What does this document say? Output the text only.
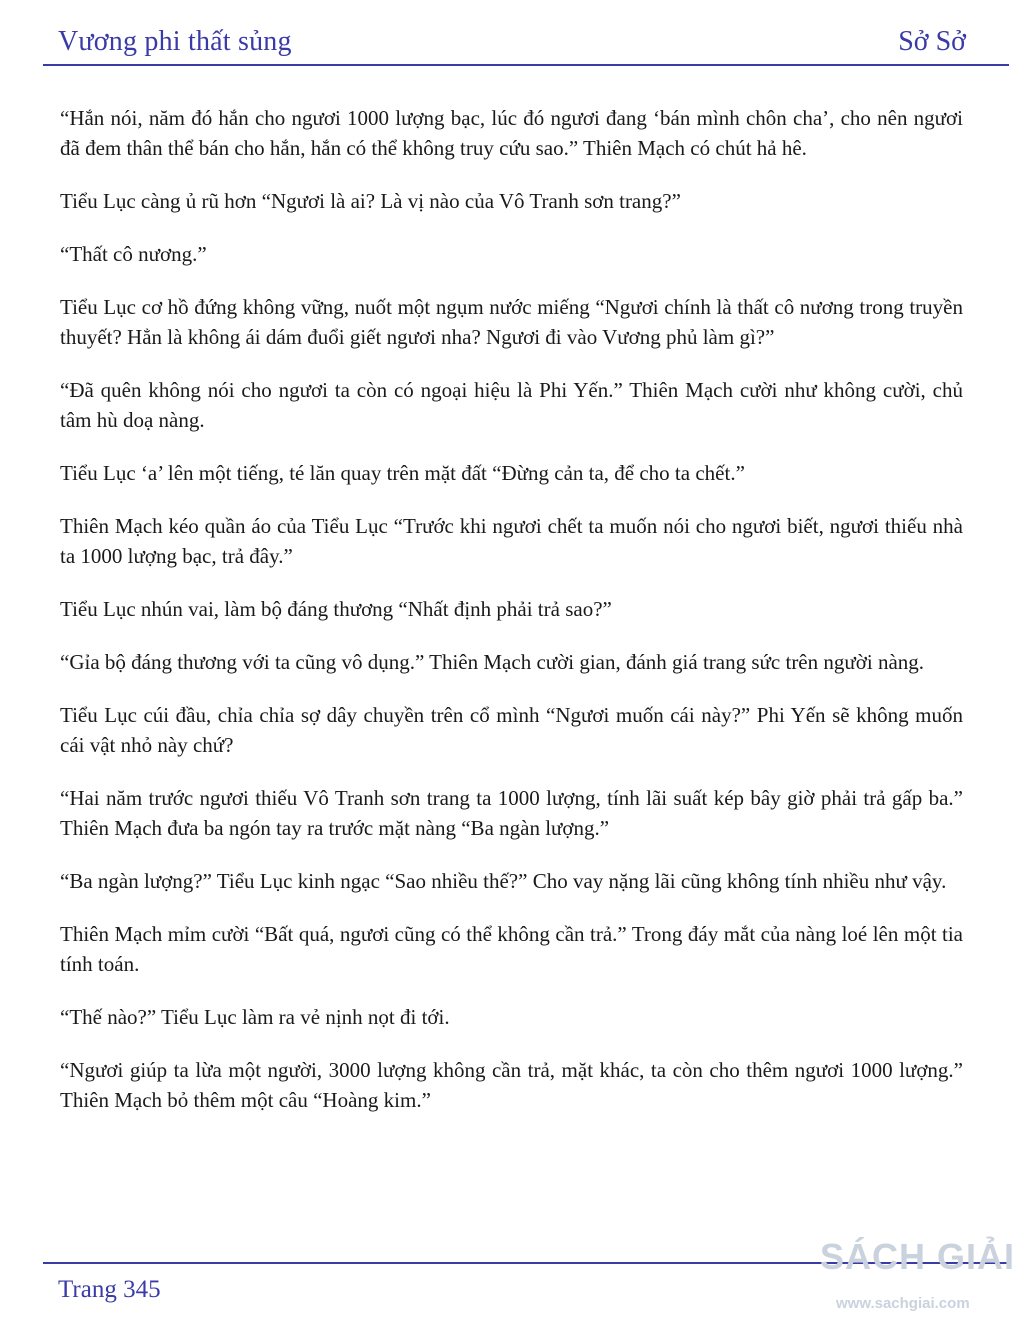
Vương phi thất sủng	Sở Sở

“Hắn nói, năm đó hắn cho ngươi 1000 lượng bạc, lúc đó ngươi đang ‘bán mình chôn cha’, cho nên ngươi đã đem thân thể bán cho hắn, hắn có thể không truy cứu sao.” Thiên Mạch có chút hả hê.

Tiểu Lục càng ủ rũ hơn “Ngươi là ai? Là vị nào của Vô Tranh sơn trang?”

“Thất cô nương.”

Tiểu Lục cơ hồ đứng không vững, nuốt một ngụm nước miếng “Ngươi chính là thất cô nương trong truyền thuyết? Hẳn là không ái dám đuổi giết ngươi nha? Ngươi đi vào Vương phủ làm gì?”

“Đã quên không nói cho ngươi ta còn có ngoại hiệu là Phi Yến.” Thiên Mạch cười như không cười, chủ tâm hù doạ nàng.

Tiểu Lục ‘a’ lên một tiếng, té lăn quay trên mặt đất “Đừng cản ta, để cho ta chết.”

Thiên Mạch kéo quần áo của Tiểu Lục “Trước khi ngươi chết ta muốn nói cho ngươi biết, ngươi thiếu nhà ta 1000 lượng bạc, trả đây.”

Tiểu Lục nhún vai, làm bộ đáng thương “Nhất định phải trả sao?”

“Gỉa bộ đáng thương với ta cũng vô dụng.” Thiên Mạch cười gian, đánh giá trang sức trên người nàng.

Tiểu Lục cúi đầu, chỉa chỉa sợ dây chuyền trên cổ mình “Ngươi muốn cái này?” Phi Yến sẽ không muốn cái vật nhỏ này chứ?

“Hai năm trước ngươi thiếu Vô Tranh sơn trang ta 1000 lượng, tính lãi suất kép bây giờ phải trả gấp ba.” Thiên Mạch đưa ba ngón tay ra trước mặt nàng “Ba ngàn lượng.”

“Ba ngàn lượng?” Tiểu Lục kinh ngạc “Sao nhiều thế?” Cho vay nặng lãi cũng không tính nhiều như vậy.

Thiên Mạch mỉm cười “Bất quá, ngươi cũng có thể không cần trả.” Trong đáy mắt của nàng loé lên một tia tính toán.

“Thế nào?” Tiểu Lục làm ra vẻ nịnh nọt đi tới.

“Ngươi giúp ta lừa một người, 3000 lượng không cần trả, mặt khác, ta còn cho thêm ngươi 1000 lượng.” Thiên Mạch bỏ thêm một câu “Hoàng kim.”

Trang 345
SÁCH GIẢI
www.sachgiai.com
